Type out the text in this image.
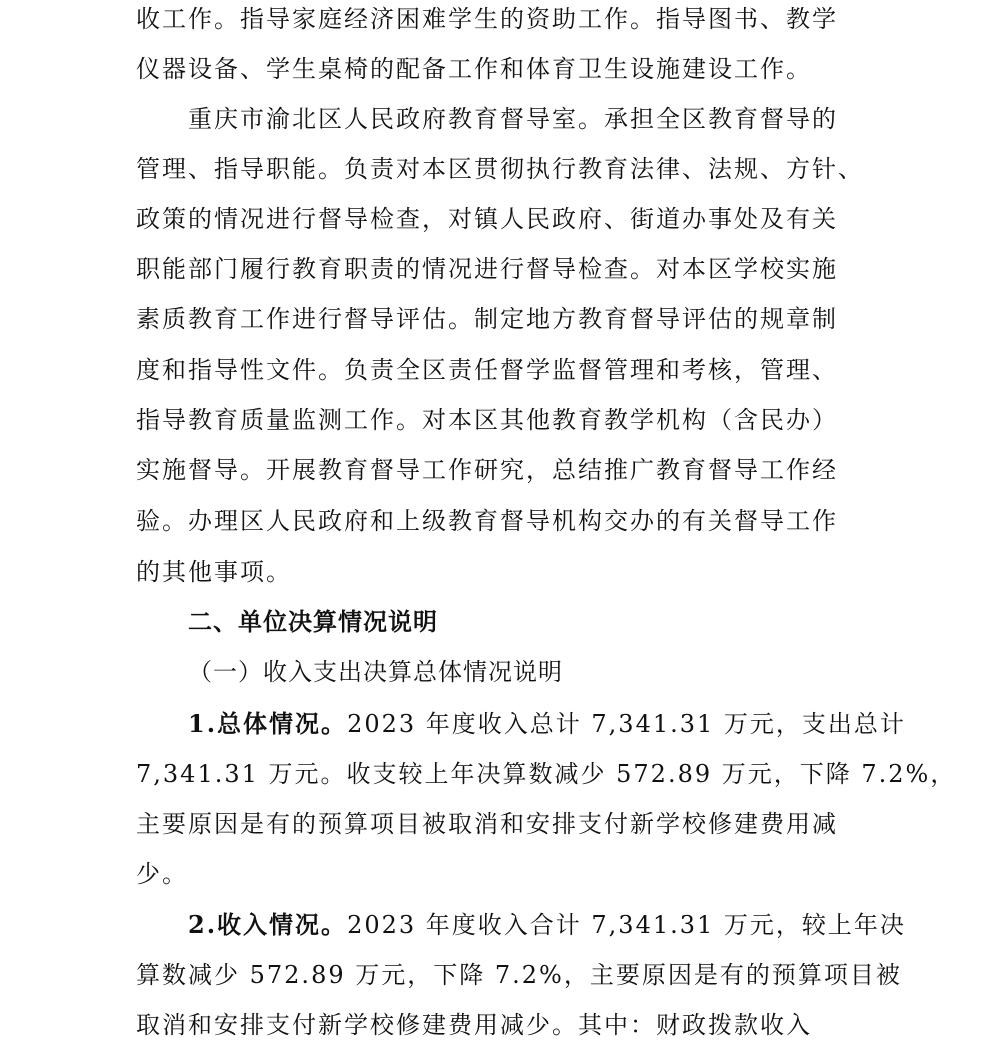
收工作。指导家庭经济困难学生的资助工作。指导图书、教学
仪器设备、学生桌椅的配备工作和体育卫生设施建设工作。
重庆市渝北区人民政府教育督导室。承担全区教育督导的
管理、指导职能。负责对本区贯彻执行教育法律、法规、方针、
政策的情况进行督导检查，对镇人民政府、街道办事处及有关
职能部门履行教育职责的情况进行督导检查。对本区学校实施
素质教育工作进行督导评估。制定地方教育督导评估的规章制
度和指导性文件。负责全区责任督学监督管理和考核，管理、
指导教育质量监测工作。对本区其他教育教学机构（含民办）
实施督导。开展教育督导工作研究，总结推广教育督导工作经
验。办理区人民政府和上级教育督导机构交办的有关督导工作
的其他事项。
二、单位决算情况说明
（一）收入支出决算总体情况说明
1.总体情况。2023 年度收入总计 7,341.31 万元，支出总计
7,341.31 万元。收支较上年决算数减少 572.89 万元，下降 7.2%，
主要原因是有的预算项目被取消和安排支付新学校修建费用减
少。
2.收入情况。2023 年度收入合计 7,341.31 万元，较上年决
算数减少 572.89 万元，下降 7.2%，主要原因是有的预算项目被
取消和安排支付新学校修建费用减少。其中：财政拨款收入
